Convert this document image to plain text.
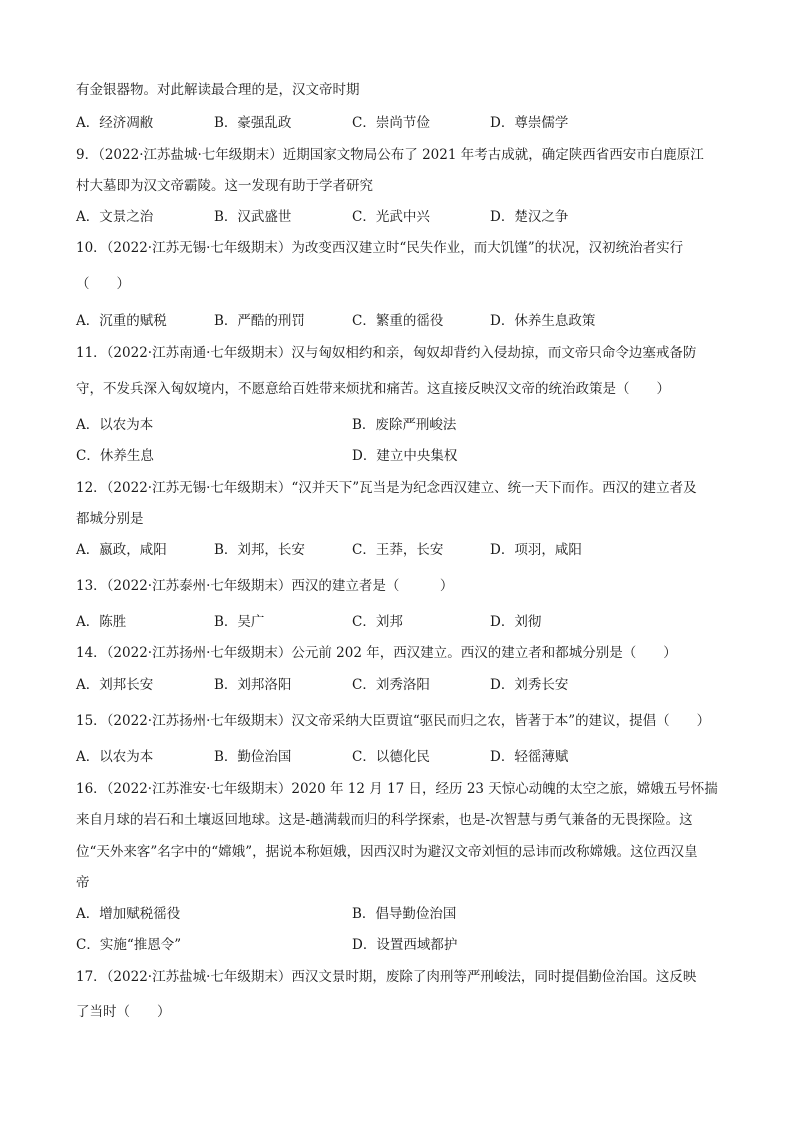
有金银器物。对此解读最合理的是，汉文帝时期
A．经济凋敝	B．豪强乱政	C．崇尚节俭	D．尊崇儒学
9．（2022·江苏盐城·七年级期末）近期国家文物局公布了 2021 年考古成就，确定陕西省西安市白鹿原江
村大墓即为汉文帝霸陵。这一发现有助于学者研究
A．文景之治	B．汉武盛世	C．光武中兴	D．楚汉之争
10．（2022·江苏无锡·七年级期末）为改变西汉建立时“民失作业，而大饥馑”的状况，汉初统治者实行
（　　）
A．沉重的赋税	B．严酷的刑罚	C．繁重的徭役	D．休养生息政策
11．（2022·江苏南通·七年级期末）汉与匈奴相约和亲，匈奴却背约入侵劫掠，而文帝只命令边塞戒备防
守，不发兵深入匈奴境内，不愿意给百姓带来烦扰和痛苦。这直接反映汉文帝的统治政策是（　　）
A．以农为本	B．废除严刑峻法
C．休养生息	D．建立中央集权
12．（2022·江苏无锡·七年级期末）“汉并天下”瓦当是为纪念西汉建立、统一天下而作。西汉的建立者及
都城分别是
A．嬴政，咸阳	B．刘邦，长安	C．王莽，长安	D．项羽，咸阳
13．（2022·江苏泰州·七年级期末）西汉的建立者是（　　　）
A．陈胜	B．吴广	C．刘邦	D．刘彻
14．（2022·江苏扬州·七年级期末）公元前 202 年，西汉建立。西汉的建立者和都城分别是（　　）
A．刘邦长安	B．刘邦洛阳	C．刘秀洛阳	D．刘秀长安
15．（2022·江苏扬州·七年级期末）汉文帝采纳大臣贾谊“驱民而归之农，皆著于本”的建议，提倡（　　）
A．以农为本	B．勤俭治国	C．以德化民	D．轻徭薄赋
16．（2022·江苏淮安·七年级期末）2020 年 12 月 17 日，经历 23 天惊心动魄的太空之旅，嫦娥五号怀揣
来自月球的岩石和土壤返回地球。这是-趟满载而归的科学探索，也是-次智慧与勇气兼备的无畏探险。这
位“天外来客”名字中的“嫦娥”，据说本称姮娥，因西汉时为避汉文帝刘恒的忌讳而改称嫦娥。这位西汉皇
帝
A．增加赋税徭役	B．倡导勤俭治国
C．实施“推恩令”	D．设置西域都护
17．（2022·江苏盐城·七年级期末）西汉文景时期，废除了肉刑等严刑峻法，同时提倡勤俭治国。这反映
了当时（　　）
